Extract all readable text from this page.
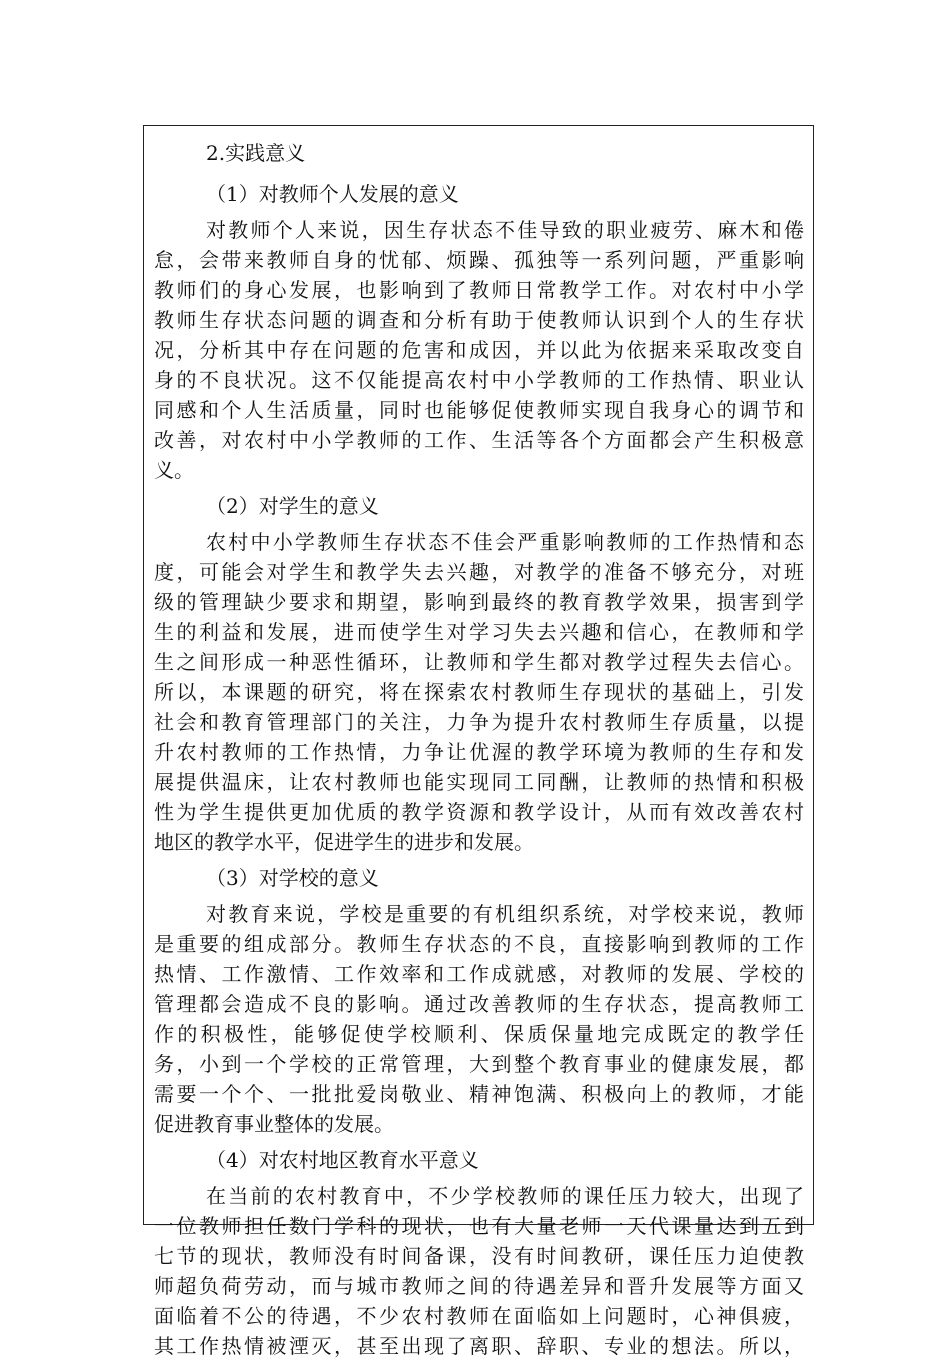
2.实践意义
（1）对教师个人发展的意义
对教师个人来说，因生存状态不佳导致的职业疲劳、麻木和倦
怠，会带来教师自身的忧郁、烦躁、孤独等一系列问题，严重影响
教师们的身心发展，也影响到了教师日常教学工作。对农村中小学
教师生存状态问题的调查和分析有助于使教师认识到个人的生存状
况，分析其中存在问题的危害和成因，并以此为依据来采取改变自
身的不良状况。这不仅能提高农村中小学教师的工作热情、职业认
同感和个人生活质量，同时也能够促使教师实现自我身心的调节和
改善，对农村中小学教师的工作、生活等各个方面都会产生积极意
义。
（2）对学生的意义
农村中小学教师生存状态不佳会严重影响教师的工作热情和态
度，可能会对学生和教学失去兴趣，对教学的准备不够充分，对班
级的管理缺少要求和期望，影响到最终的教育教学效果，损害到学
生的利益和发展，进而使学生对学习失去兴趣和信心，在教师和学
生之间形成一种恶性循环，让教师和学生都对教学过程失去信心。
所以，本课题的研究，将在探索农村教师生存现状的基础上，引发
社会和教育管理部门的关注，力争为提升农村教师生存质量，以提
升农村教师的工作热情，力争让优渥的教学环境为教师的生存和发
展提供温床，让农村教师也能实现同工同酬，让教师的热情和积极
性为学生提供更加优质的教学资源和教学设计，从而有效改善农村
地区的教学水平，促进学生的进步和发展。
（3）对学校的意义
对教育来说，学校是重要的有机组织系统，对学校来说，教师
是重要的组成部分。教师生存状态的不良，直接影响到教师的工作
热情、工作激情、工作效率和工作成就感，对教师的发展、学校的
管理都会造成不良的影响。通过改善教师的生存状态，提高教师工
作的积极性，能够促使学校顺利、保质保量地完成既定的教学任
务，小到一个学校的正常管理，大到整个教育事业的健康发展，都
需要一个个、一批批爱岗敬业、精神饱满、积极向上的教师，才能
促进教育事业整体的发展。
（4）对农村地区教育水平意义
在当前的农村教育中，不少学校教师的课任压力较大，出现了
一位教师担任数门学科的现状，也有大量老师一天代课量达到五到
七节的现状，教师没有时间备课，没有时间教研，课任压力迫使教
师超负荷劳动，而与城市教师之间的待遇差异和晋升发展等方面又
面临着不公的待遇，不少农村教师在面临如上问题时，心神俱疲，
其工作热情被湮灭，甚至出现了离职、辞职、专业的想法。所以，
